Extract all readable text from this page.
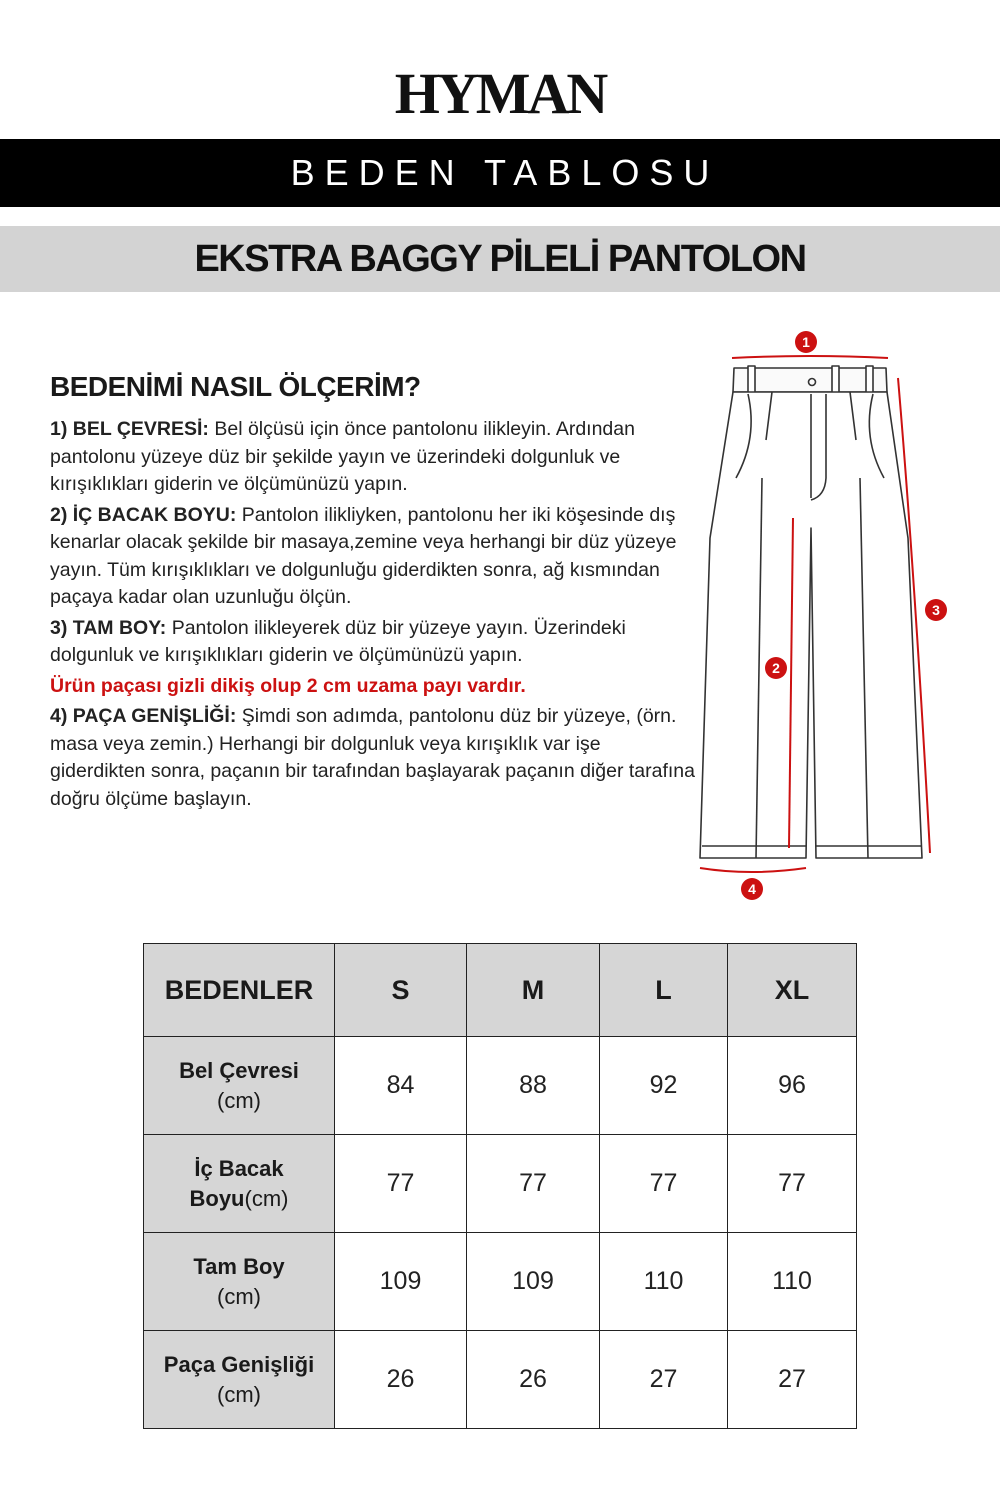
HYMAN
BEDEN TABLOSU
EKSTRA BAGGY PİLELİ PANTOLON
BEDENİMİ NASIL ÖLÇERİM?

1) BEL ÇEVRESİ: Bel ölçüsü için önce pantolonu ilikleyin. Ardından pantolonu yüzeye düz bir şekilde yayın ve üzerindeki dolgunluk ve kırışıklıkları giderin ve ölçümünüzü yapın.

2) İÇ BACAK BOYU: Pantolon ilikliyken, pantolonu her iki köşesinde dış kenarlar olacak şekilde bir masaya,zemine veya herhangi bir düz yüzeye yayın. Tüm kırışıklıkları ve dolgunluğu giderdikten sonra, ağ kısmından paçaya kadar olan uzunluğu ölçün.

3) TAM BOY: Pantolon ilikleyerek düz bir yüzeye yayın. Üzerindeki dolgunluk ve kırışıklıkları giderin ve ölçümünüzü yapın.

Ürün paçası gizli dikiş olup 2 cm uzama payı vardır.

4) PAÇA GENİŞLİĞİ: Şimdi son adımda, pantolonu düz bir yüzeye, (örn. masa veya zemin.) Herhangi bir dolgunluk veya kırışıklık var işe giderdikten sonra, paçanın bir tarafından başlayarak paçanın diğer tarafına doğru ölçüme başlayın.

1
2
3
4
BEDENLER	S	M	L	XL
Bel Çevresi
(cm)	84	88	92	96
İç Bacak
Boyu(cm)	77	77	77	77
Tam Boy
(cm)	109	109	110	110
Paça Genişliği
(cm)	26	26	27	27
